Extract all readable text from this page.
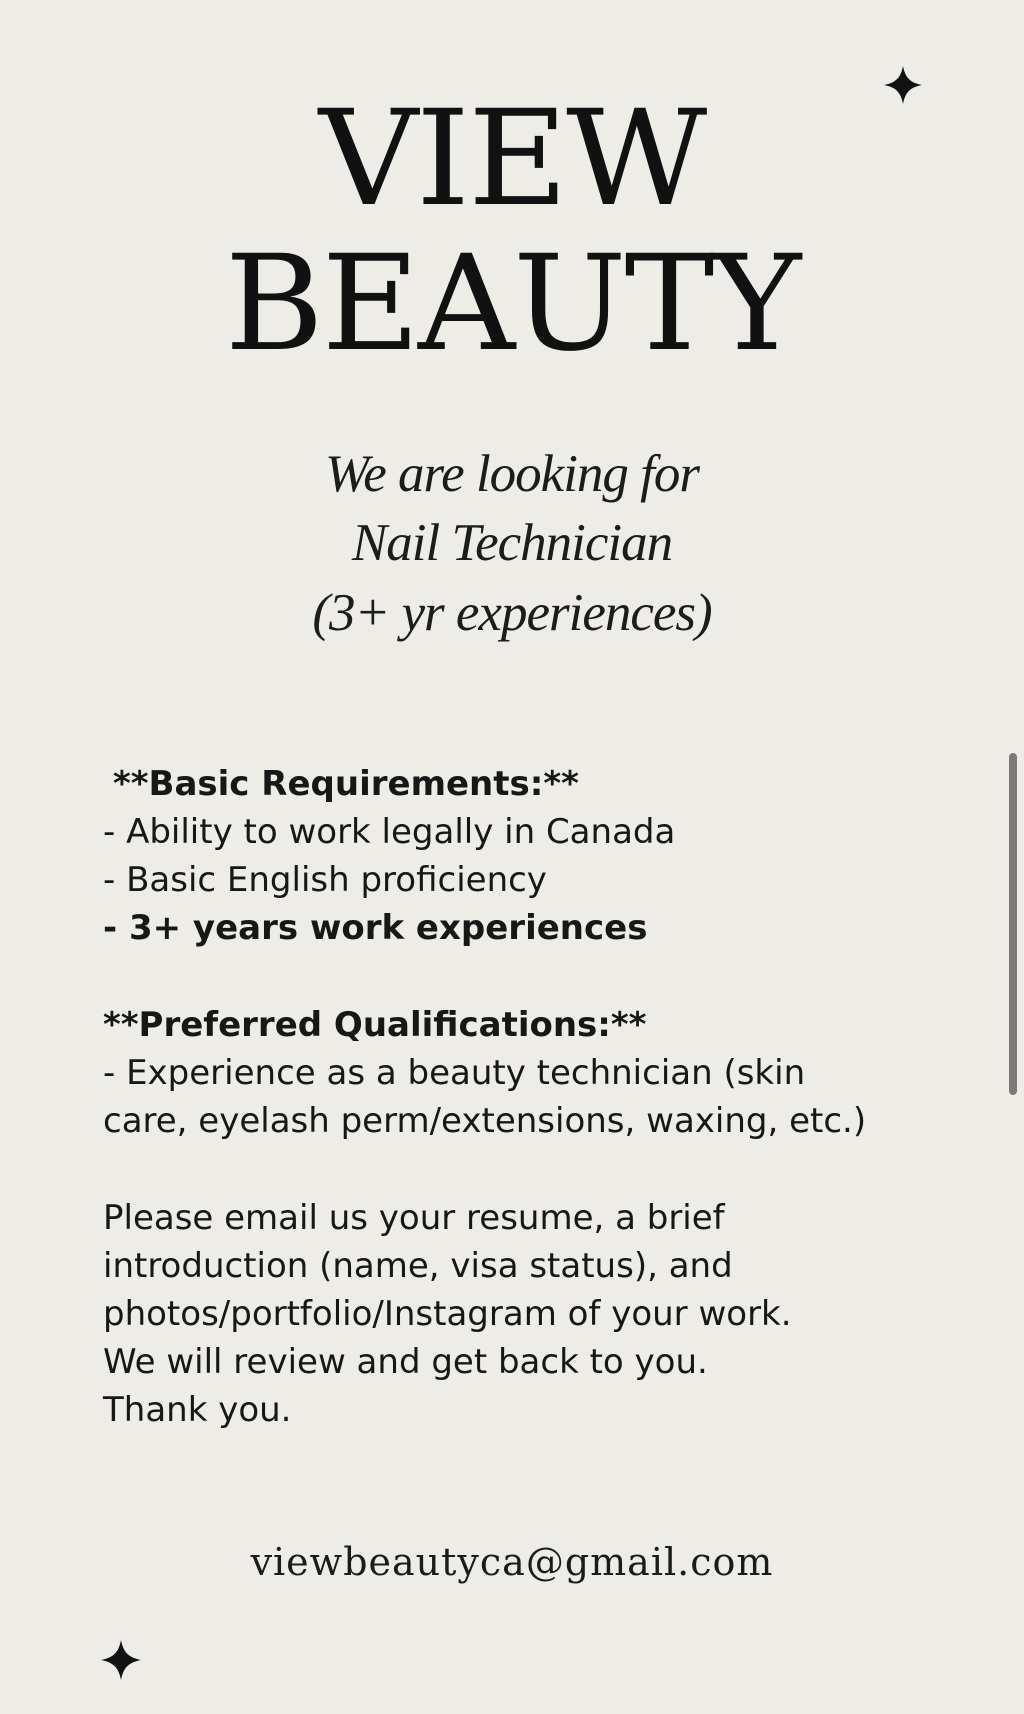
VIEW
BEAUTY
We are looking for
Nail Technician
(3+ yr experiences)
**Basic Requirements:**
- Ability to work legally in Canada
- Basic English proficiency
- 3+ years work experiences
**Preferred Qualifications:**
- Experience as a beauty technician (skin
care, eyelash perm/extensions, waxing, etc.)
Please email us your resume, a brief
introduction (name, visa status), and
photos/portfolio/Instagram of your work.
We will review and get back to you.
Thank you.
viewbeautyca@gmail.com
